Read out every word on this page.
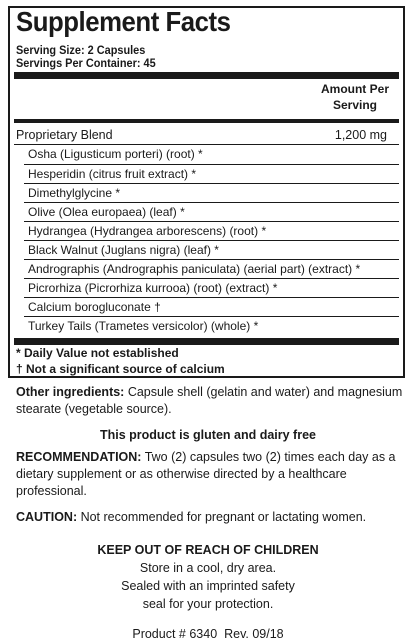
Supplement Facts
Serving Size: 2 Capsules
Servings Per Container: 45
Amount Per
Serving
Proprietary Blend	1,200 mg
Osha (Ligusticum porteri) (root) *
Hesperidin (citrus fruit extract) *
Dimethylglycine *
Olive (Olea europaea) (leaf) *
Hydrangea (Hydrangea arborescens) (root) *
Black Walnut (Juglans nigra) (leaf) *
Andrographis (Andrographis paniculata) (aerial part) (extract) *
Picrorhiza (Picrorhiza kurrooa) (root) (extract) *
Calcium borogluconate †
Turkey Tails (Trametes versicolor) (whole) *
* Daily Value not established
† Not a significant source of calcium
Other ingredients: Capsule shell (gelatin and water) and magnesium stearate (vegetable source).
This product is gluten and dairy free
RECOMMENDATION: Two (2) capsules two (2) times each day as a dietary supplement or as otherwise directed by a healthcare professional.
CAUTION: Not recommended for pregnant or lactating women.
KEEP OUT OF REACH OF CHILDREN
Store in a cool, dry area.
Sealed with an imprinted safety
seal for your protection.
Product # 6340  Rev. 09/18
